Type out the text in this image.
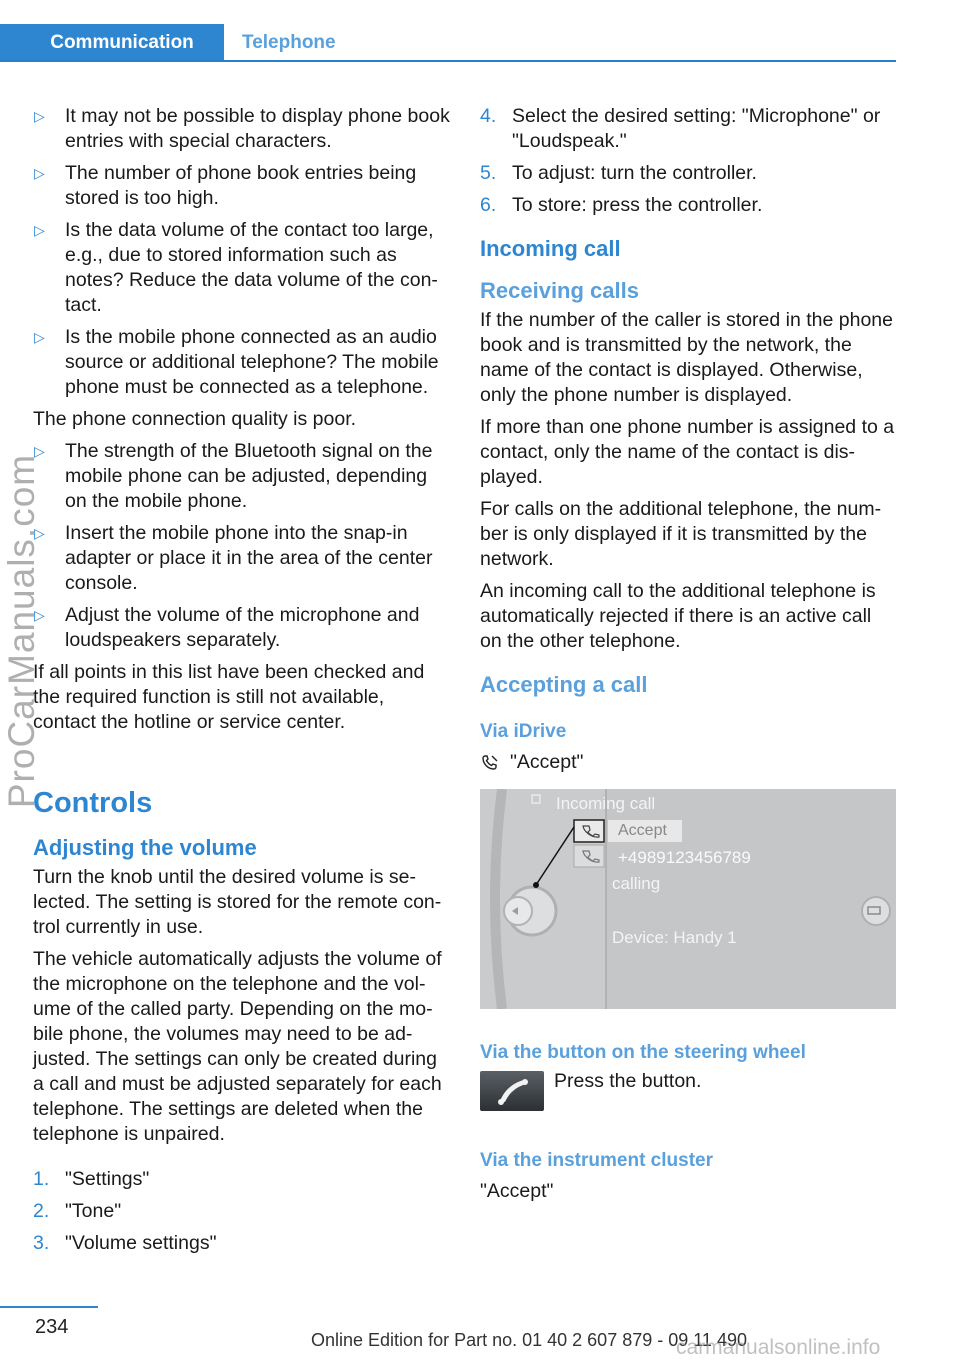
Communication	Telephone
▷ It may not be possible to display phone book entries with special characters.
▷ The number of phone book entries being stored is too high.
▷ Is the data volume of the contact too large, e.g., due to stored information such as notes? Reduce the data volume of the con-tact.
▷ Is the mobile phone connected as an audio source or additional telephone? The mobile phone must be connected as a telephone.

The phone connection quality is poor.

▷ The strength of the Bluetooth signal on the mobile phone can be adjusted, depending on the mobile phone.
▷ Insert the mobile phone into the snap-in adapter or place it in the area of the center console.
▷ Adjust the volume of the microphone and loudspeakers separately.

If all points in this list have been checked and the required function is still not available, contact the hotline or service center.

Controls
Adjusting the volume

Turn the knob until the desired volume is se-lected. The setting is stored for the remote con-trol currently in use.

The vehicle automatically adjusts the volume of the microphone on the telephone and the vol-ume of the called party. Depending on the mo-bile phone, the volumes may need to be ad-justed. The settings can only be created during a call and must be adjusted separately for each telephone. The settings are deleted when the telephone is unpaired.

1. "Settings"
2. "Tone"
3. "Volume settings"
4. Select the desired setting: "Microphone" or "Loudspeak."
5. To adjust: turn the controller.
6. To store: press the controller.
Incoming call
Receiving calls

If the number of the caller is stored in the phone book and is transmitted by the network, the name of the contact is displayed. Otherwise, only the phone number is displayed.

If more than one phone number is assigned to a contact, only the name of the contact is dis-played.

For calls on the additional telephone, the num-ber is only displayed if it is transmitted by the network.

An incoming call to the additional telephone is automatically rejected if there is an active call on the other telephone.

Accepting a call
Via iDrive
"Accept"
Incoming call
Accept
+4989123456789
calling
Device: Handy 1
Via the button on the steering wheel
Press the button.
Via the instrument cluster

"Accept"

234
Online Edition for Part no. 01 40 2 607 879 - 09 11 490
ProCarManuals.com
carmanualsonline.info
